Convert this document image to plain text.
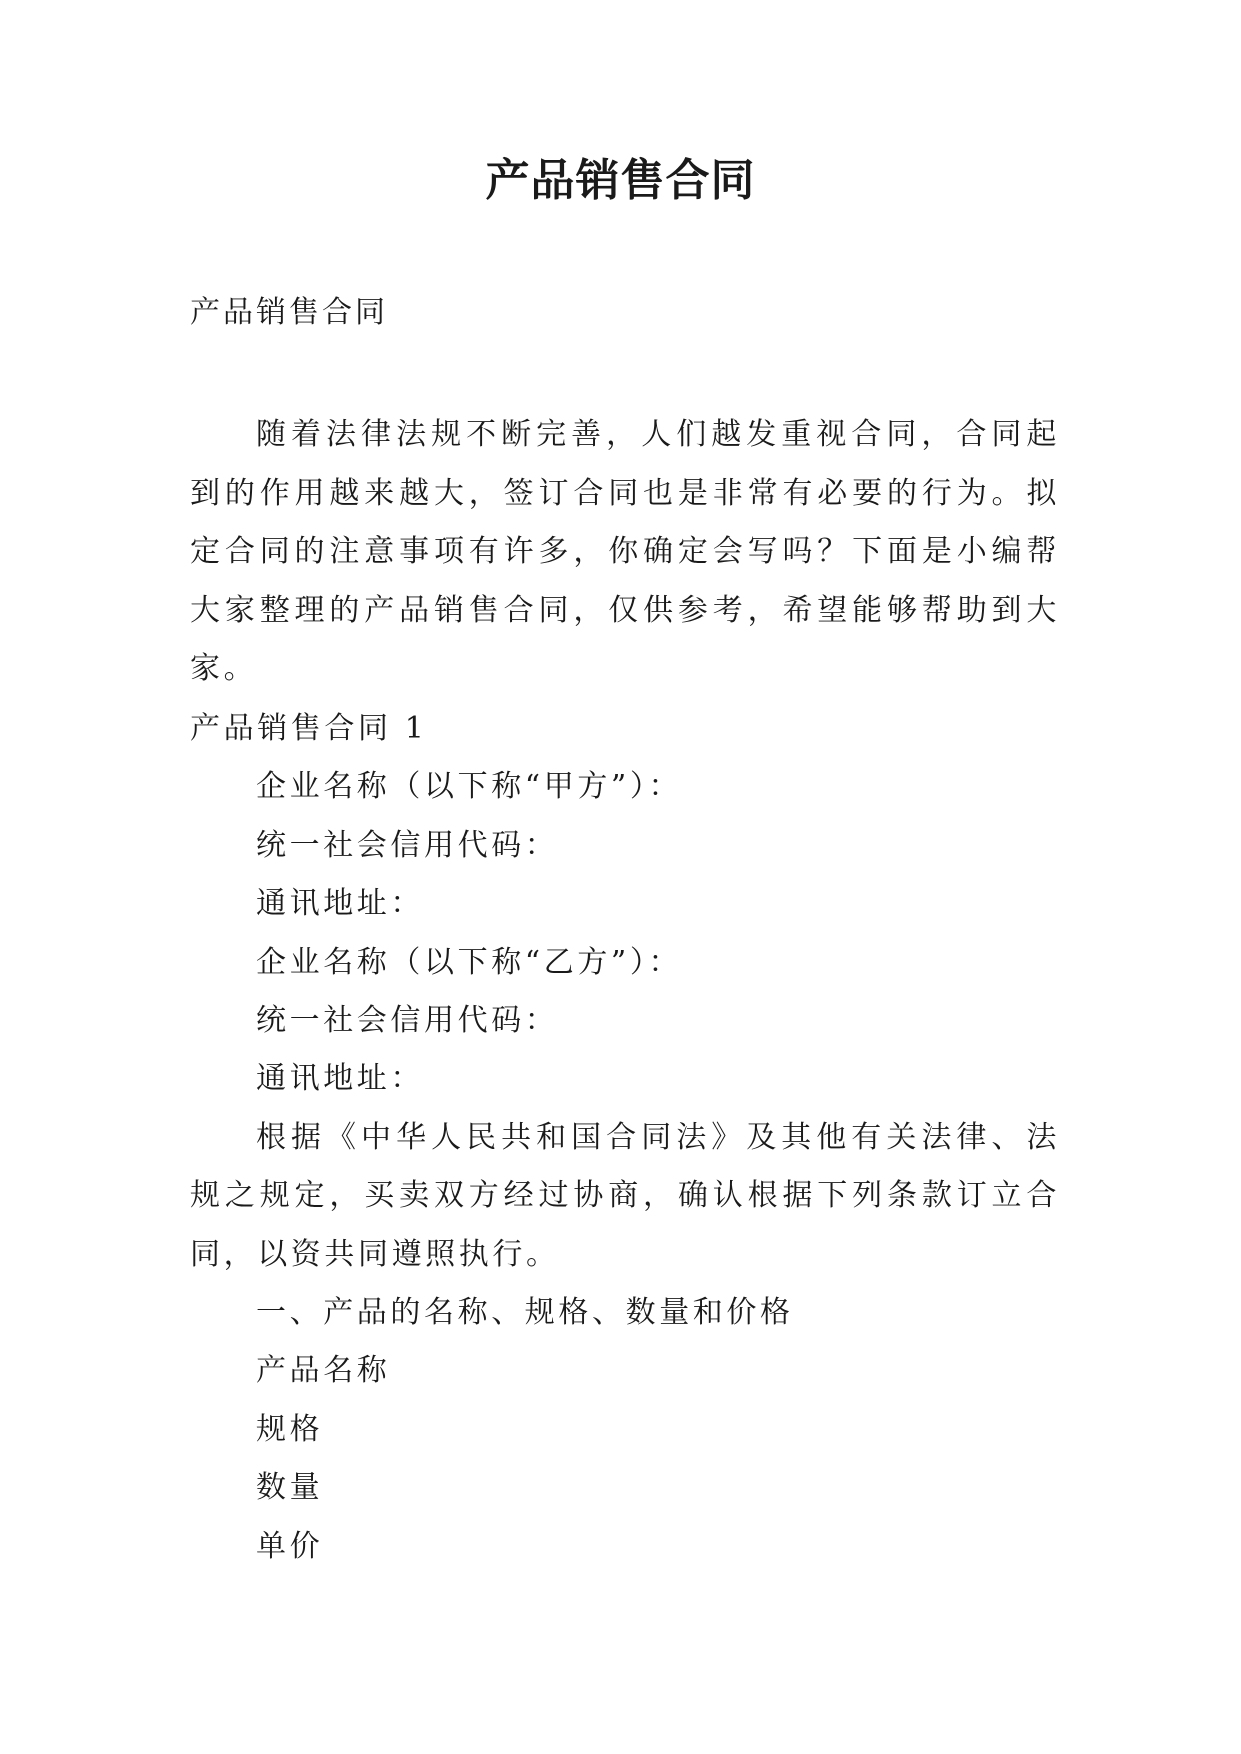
产品销售合同

产品销售合同

随着法律法规不断完善，人们越发重视合同，合同起到的作用越来越大，签订合同也是非常有必要的行为。拟定合同的注意事项有许多，你确定会写吗？下面是小编帮大家整理的产品销售合同，仅供参考，希望能够帮助到大家。

产品销售合同 1

企业名称（以下称“甲方”）：

统一社会信用代码：

通讯地址：

企业名称（以下称“乙方”）：

统一社会信用代码：

通讯地址：

根据《中华人民共和国合同法》及其他有关法律、法规之规定，买卖双方经过协商，确认根据下列条款订立合同，以资共同遵照执行。

一、产品的名称、规格、数量和价格

产品名称

规格

数量

单价
